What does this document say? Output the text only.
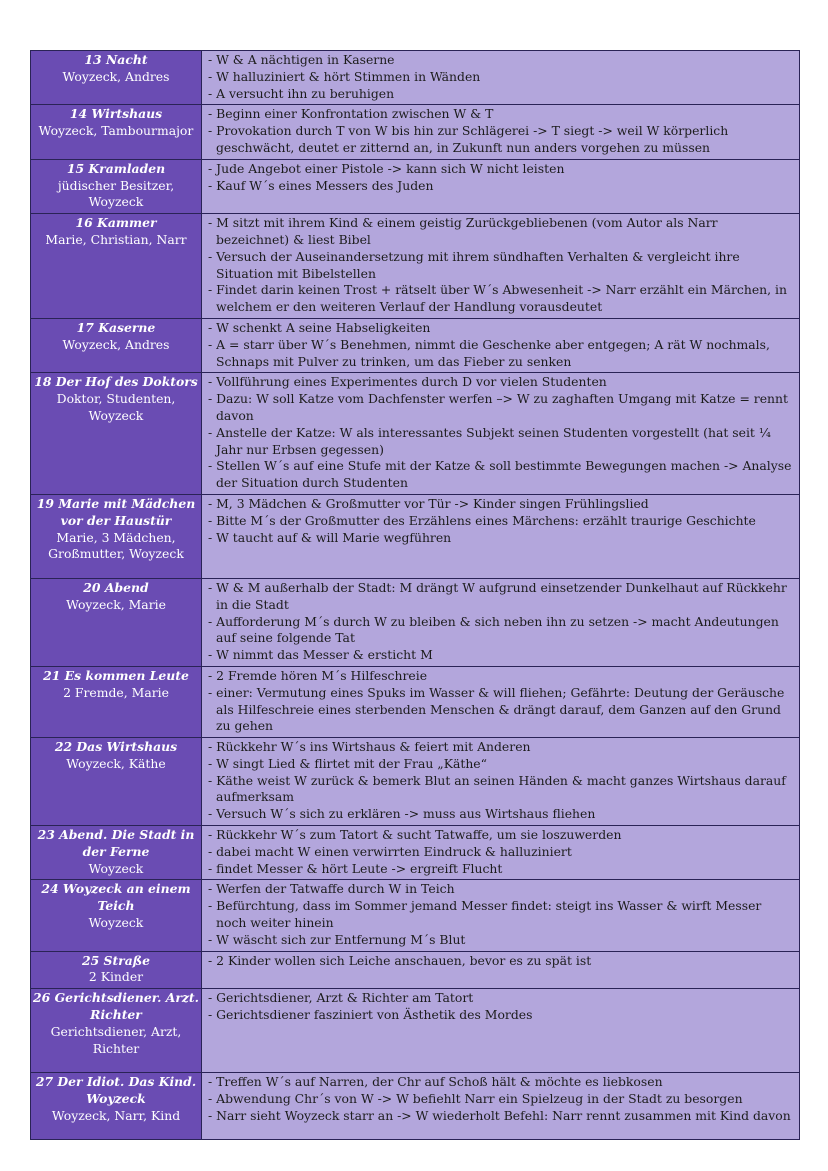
13 Nacht
Woyzeck, Andres	- W & A nächtigen in Kaserne
- W halluziniert & hört Stimmen in Wänden
- A versucht ihn zu beruhigen

14 Wirtshaus
Woyzeck, Tambourmajor	- Beginn einer Konfrontation zwischen W & T
- Provokation durch T von W bis hin zur Schlägerei -> T siegt -> weil W körperlich geschwächt, deutet er zitternd an, in Zukunft nun anders vorgehen zu müssen

15 Kramladen
jüdischer Besitzer, Woyzeck	- Jude Angebot einer Pistole -> kann sich W nicht leisten
- Kauf W´s eines Messers des Juden

16 Kammer
Marie, Christian, Narr	- M sitzt mit ihrem Kind & einem geistig Zurückgebliebenen (vom Autor als Narr bezeichnet) & liest Bibel
- Versuch der Auseinandersetzung mit ihrem sündhaften Verhalten & vergleicht ihre Situation mit Bibelstellen
- Findet darin keinen Trost + rätselt über W´s Abwesenheit -> Narr erzählt ein Märchen, in welchem er den weiteren Verlauf der Handlung vorausdeutet

17 Kaserne
Woyzeck, Andres	- W schenkt A seine Habseligkeiten
- A = starr über W´s Benehmen, nimmt die Geschenke aber entgegen; A rät W nochmals, Schnaps mit Pulver zu trinken, um das Fieber zu senken

18 Der Hof des Doktors
Doktor, Studenten, Woyzeck	- Vollführung eines Experimentes durch D vor vielen Studenten
- Dazu: W soll Katze vom Dachfenster werfen –> W zu zaghaften Umgang mit Katze = rennt davon
- Anstelle der Katze: W als interessantes Subjekt seinen Studenten vorgestellt (hat seit ¼ Jahr nur Erbsen gegessen)
- Stellen W´s auf eine Stufe mit der Katze & soll bestimmte Bewegungen machen -> Analyse der Situation durch Studenten

19 Marie mit Mädchen vor der Haustür
Marie, 3 Mädchen, Großmutter, Woyzeck	- M, 3 Mädchen & Großmutter vor Tür -> Kinder singen Frühlingslied
- Bitte M´s der Großmutter des Erzählens eines Märchens: erzählt traurige Geschichte
- W taucht auf & will Marie wegführen

20 Abend
Woyzeck, Marie	- W & M außerhalb der Stadt: M drängt W aufgrund einsetzender Dunkelhaut auf Rückkehr in die Stadt
- Aufforderung M´s durch W zu bleiben & sich neben ihn zu setzen -> macht Andeutungen auf seine folgende Tat
- W nimmt das Messer & ersticht M

21 Es kommen Leute
2 Fremde, Marie	- 2 Fremde hören M´s Hilfeschreie
- einer: Vermutung eines Spuks im Wasser & will fliehen; Gefährte: Deutung der Geräusche als Hilfeschreie eines sterbenden Menschen & drängt darauf, dem Ganzen auf den Grund zu gehen

22 Das Wirtshaus
Woyzeck, Käthe	- Rückkehr W´s ins Wirtshaus & feiert mit Anderen
- W singt Lied & flirtet mit der Frau „Käthe“
- Käthe weist W zurück & bemerk Blut an seinen Händen & macht ganzes Wirtshaus darauf aufmerksam
- Versuch W´s sich zu erklären -> muss aus Wirtshaus fliehen

23 Abend. Die Stadt in der Ferne
Woyzeck	- Rückkehr W´s zum Tatort & sucht Tatwaffe, um sie loszuwerden
- dabei macht W einen verwirrten Eindruck & halluziniert
- findet Messer & hört Leute -> ergreift Flucht

24 Woyzeck an einem Teich
Woyzeck	- Werfen der Tatwaffe durch W in Teich
- Befürchtung, dass im Sommer jemand Messer findet: steigt ins Wasser & wirft Messer noch weiter hinein
- W wäscht sich zur Entfernung M´s Blut

25 Straße
2 Kinder	- 2 Kinder wollen sich Leiche anschauen, bevor es zu spät ist

26 Gerichtsdiener. Arzt. Richter
Gerichtsdiener, Arzt, Richter	- Gerichtsdiener, Arzt & Richter am Tatort
- Gerichtsdiener fasziniert von Ästhetik des Mordes

27 Der Idiot. Das Kind. Woyzeck
Woyzeck, Narr, Kind	- Treffen W´s auf Narren, der Chr auf Schoß hält & möchte es liebkosen
- Abwendung Chr´s von W -> W befiehlt Narr ein Spielzeug in der Stadt zu besorgen
- Narr sieht Woyzeck starr an -> W wiederholt Befehl: Narr rennt zusammen mit Kind davon
